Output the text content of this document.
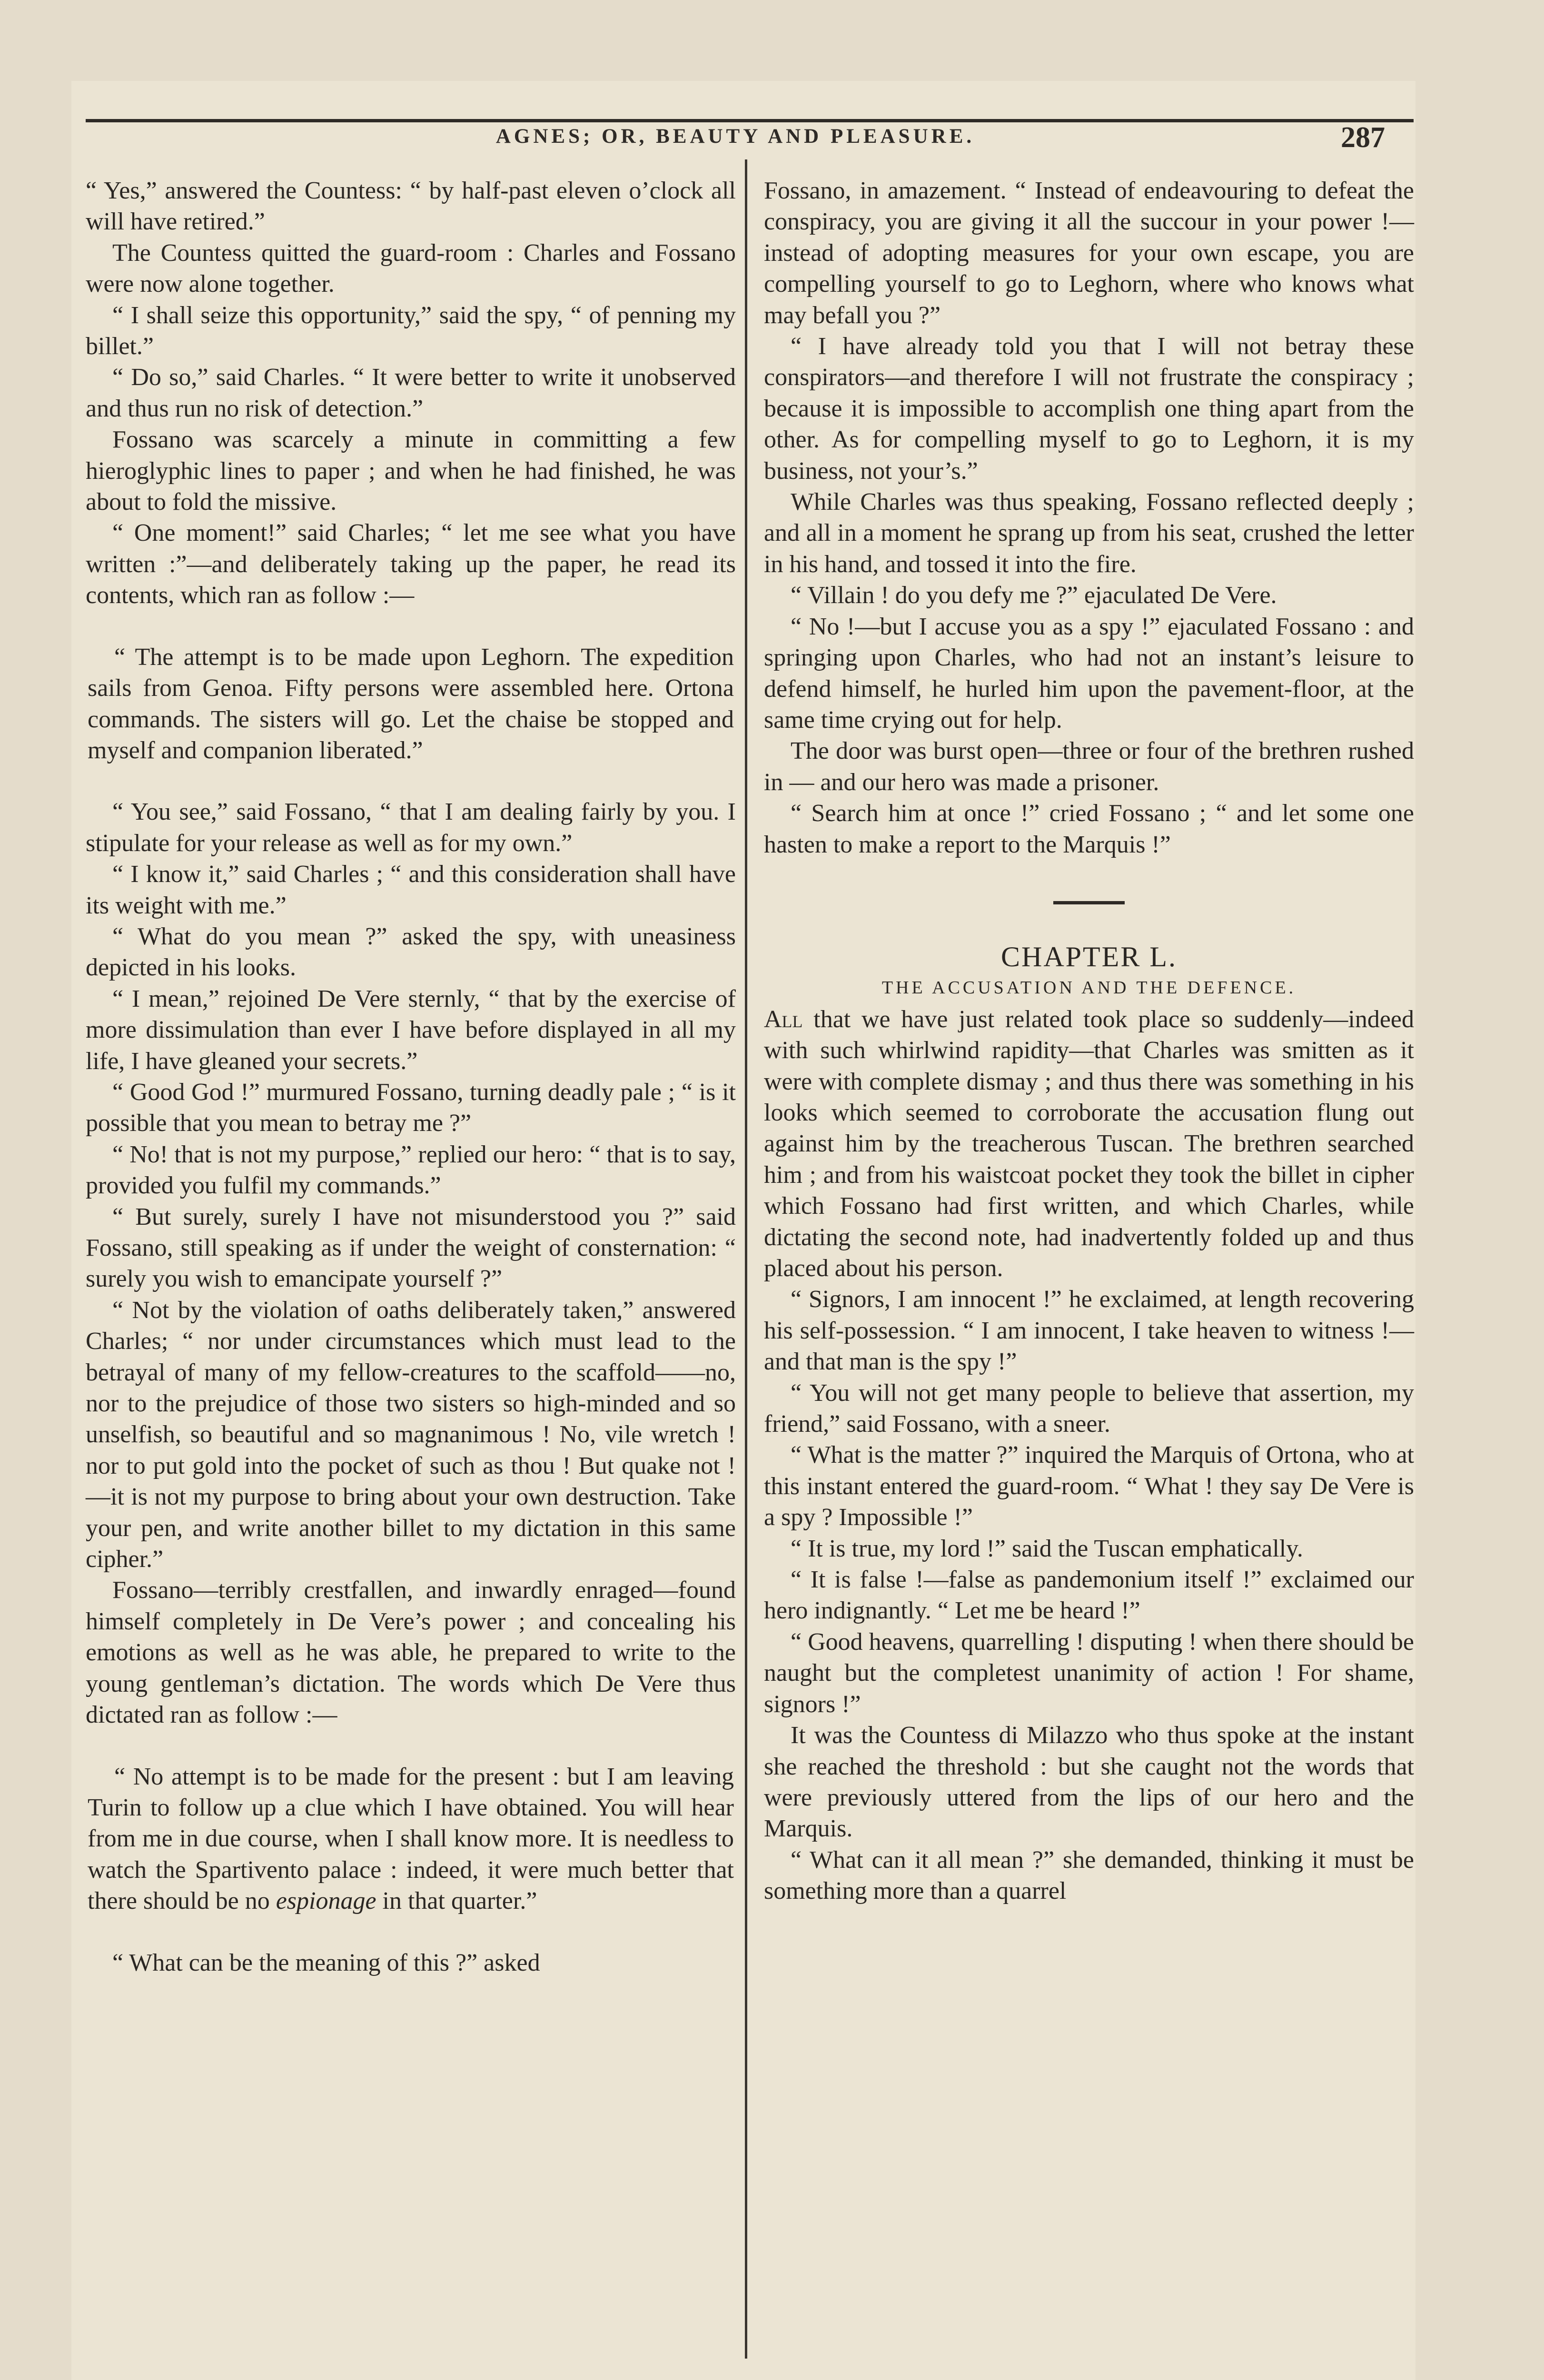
AGNES; OR, BEAUTY AND PLEASURE.	287

“ Yes,” answered the Countess: “ by half-past eleven o’clock all will have retired.”

The Countess quitted the guard-room : Charles and Fossano were now alone together.

“ I shall seize this opportunity,” said the spy, “ of penning my billet.”

“ Do so,” said Charles. “ It were better to write it unobserved and thus run no risk of detection.”

Fossano was scarcely a minute in committing a few hieroglyphic lines to paper ; and when he had finished, he was about to fold the missive.

“ One moment!” said Charles; “ let me see what you have written :”—and deliberately taking up the paper, he read its contents, which ran as follow :—

“ The attempt is to be made upon Leghorn. The expedition sails from Genoa. Fifty persons were assembled here. Ortona commands. The sisters will go. Let the chaise be stopped and myself and companion liberated.”

“ You see,” said Fossano, “ that I am dealing fairly by you. I stipulate for your release as well as for my own.”

“ I know it,” said Charles ; “ and this consideration shall have its weight with me.”

“ What do you mean ?” asked the spy, with uneasiness depicted in his looks.

“ I mean,” rejoined De Vere sternly, “ that by the exercise of more dissimulation than ever I have before displayed in all my life, I have gleaned your secrets.”

“ Good God !” murmured Fossano, turning deadly pale ; “ is it possible that you mean to betray me ?”

“ No! that is not my purpose,” replied our hero: “ that is to say, provided you fulfil my commands.”

“ But surely, surely I have not misunderstood you ?” said Fossano, still speaking as if under the weight of consternation: “ surely you wish to emancipate yourself ?”

“ Not by the violation of oaths deliberately taken,” answered Charles; “ nor under circumstances which must lead to the betrayal of many of my fellow-creatures to the scaffold——no, nor to the prejudice of those two sisters so high-minded and so unselfish, so beautiful and so magnanimous ! No, vile wretch ! nor to put gold into the pocket of such as thou ! But quake not !—it is not my purpose to bring about your own destruction. Take your pen, and write another billet to my dictation in this same cipher.”

Fossano—terribly crestfallen, and inwardly enraged—found himself completely in De Vere’s power ; and concealing his emotions as well as he was able, he prepared to write to the young gentleman’s dictation. The words which De Vere thus dictated ran as follow :—

“ No attempt is to be made for the present : but I am leaving Turin to follow up a clue which I have obtained. You will hear from me in due course, when I shall know more. It is needless to watch the Spartivento palace : indeed, it were much better that there should be no espionage in that quarter.”

“ What can be the meaning of this ?” asked

Fossano, in amazement. “ Instead of endeavouring to defeat the conspiracy, you are giving it all the succour in your power !—instead of adopting measures for your own escape, you are compelling yourself to go to Leghorn, where who knows what may befall you ?”

“ I have already told you that I will not betray these conspirators—and therefore I will not frustrate the conspiracy ; because it is impossible to accomplish one thing apart from the other. As for compelling myself to go to Leghorn, it is my business, not your’s.”

While Charles was thus speaking, Fossano reflected deeply ; and all in a moment he sprang up from his seat, crushed the letter in his hand, and tossed it into the fire.

“ Villain ! do you defy me ?” ejaculated De Vere.

“ No !—but I accuse you as a spy !” ejaculated Fossano : and springing upon Charles, who had not an instant’s leisure to defend himself, he hurled him upon the pavement-floor, at the same time crying out for help.

The door was burst open—three or four of the brethren rushed in — and our hero was made a prisoner.

“ Search him at once !” cried Fossano ; “ and let some one hasten to make a report to the Marquis !”

CHAPTER L.

THE ACCUSATION AND THE DEFENCE.

All that we have just related took place so suddenly—indeed with such whirlwind rapidity—that Charles was smitten as it were with complete dismay ; and thus there was something in his looks which seemed to corroborate the accusation flung out against him by the treacherous Tuscan. The brethren searched him ; and from his waistcoat pocket they took the billet in cipher which Fossano had first written, and which Charles, while dictating the second note, had inadvertently folded up and thus placed about his person.

“ Signors, I am innocent !” he exclaimed, at length recovering his self-possession. “ I am innocent, I take heaven to witness !—and that man is the spy !”

“ You will not get many people to believe that assertion, my friend,” said Fossano, with a sneer.

“ What is the matter ?” inquired the Marquis of Ortona, who at this instant entered the guard-room. “ What ! they say De Vere is a spy ? Impossible !”

“ It is true, my lord !” said the Tuscan emphatically.

“ It is false !—false as pandemonium itself !” exclaimed our hero indignantly. “ Let me be heard !”

“ Good heavens, quarrelling ! disputing ! when there should be naught but the completest unanimity of action ! For shame, signors !”

It was the Countess di Milazzo who thus spoke at the instant she reached the threshold : but she caught not the words that were previously uttered from the lips of our hero and the Marquis.

“ What can it all mean ?” she demanded, thinking it must be something more than a quarrel
